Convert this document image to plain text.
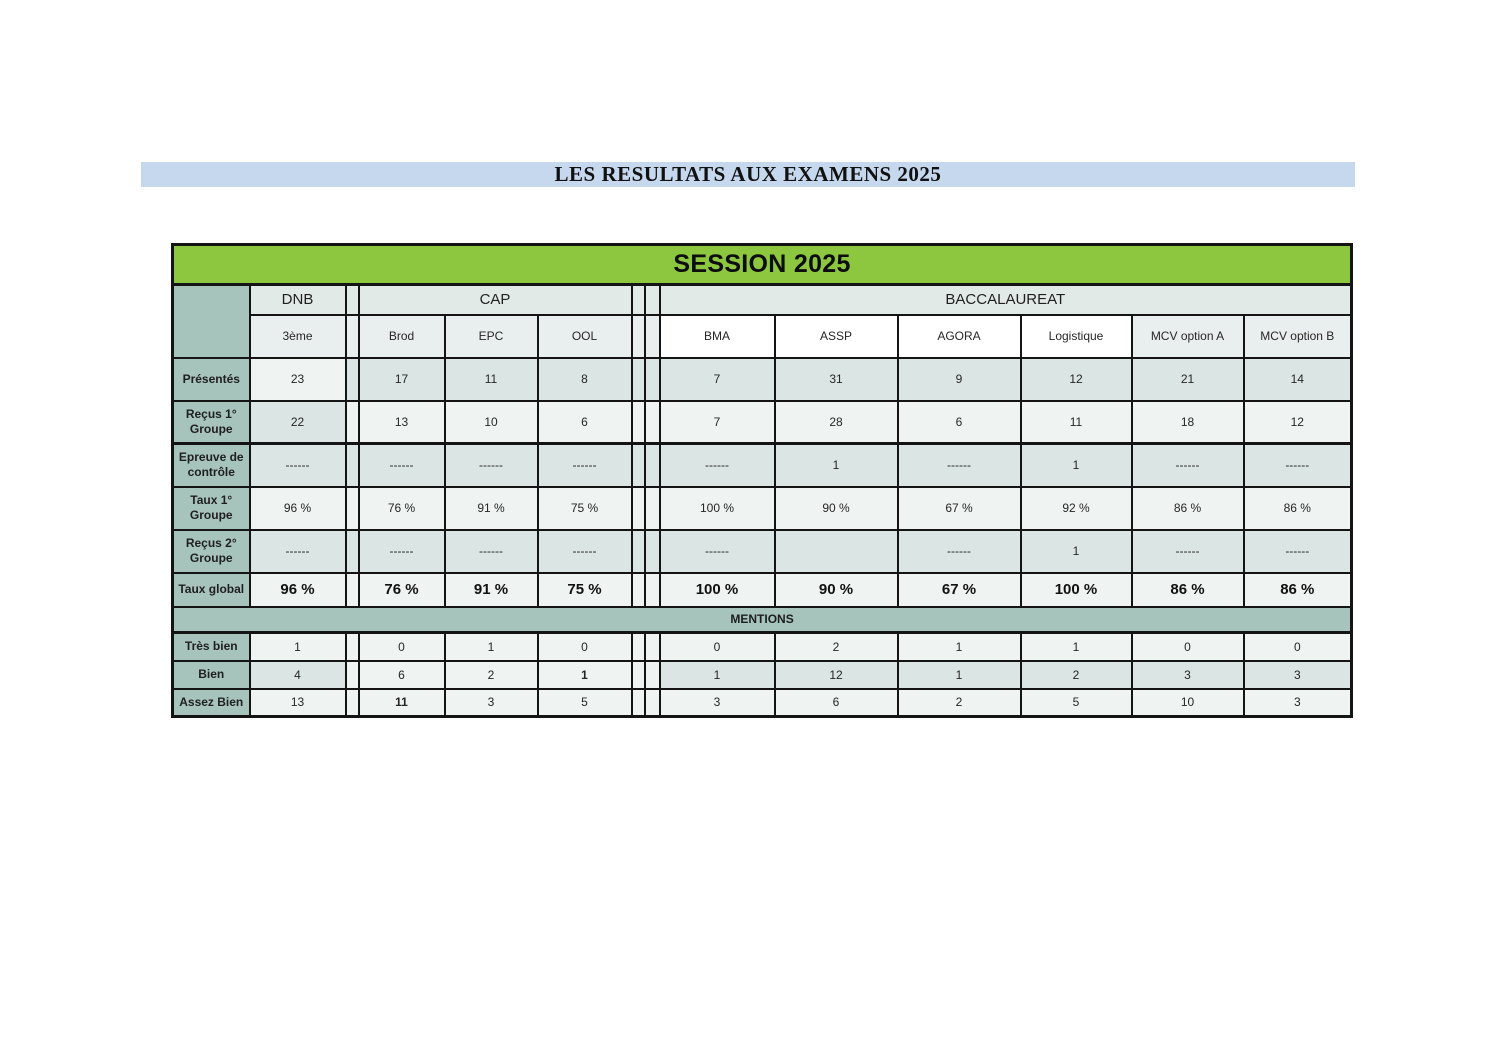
LES RESULTATS AUX EXAMENS 2025
SESSION 2025													
	DNB		CAP					BACCALAUREAT					
	3ème		Brod	EPC	OOL			BMA	ASSP	AGORA	Logistique	MCV option A	MCV option B
Présentés	23		17	11	8			7	31	9	12	21	14
Reçus 1° Groupe	22		13	10	6			7	28	6	11	18	12
Epreuve de contrôle	------		------	------	------			------	1	------	1	------	------
Taux 1° Groupe	96 %		76 %	91 %	75 %			100 %	90 %	67 %	92 %	86 %	86 %
Reçus 2° Groupe	------		------	------	------			------		------	1	------	------
Taux global	96 %		76 %	91 %	75 %			100 %	90 %	67 %	100 %	86 %	86 %
MENTIONS													
Très bien	1		0	1	0			0	2	1	1	0	0
Bien	4		6	2	1			1	12	1	2	3	3
Assez Bien	13		11	3	5			3	6	2	5	10	3
